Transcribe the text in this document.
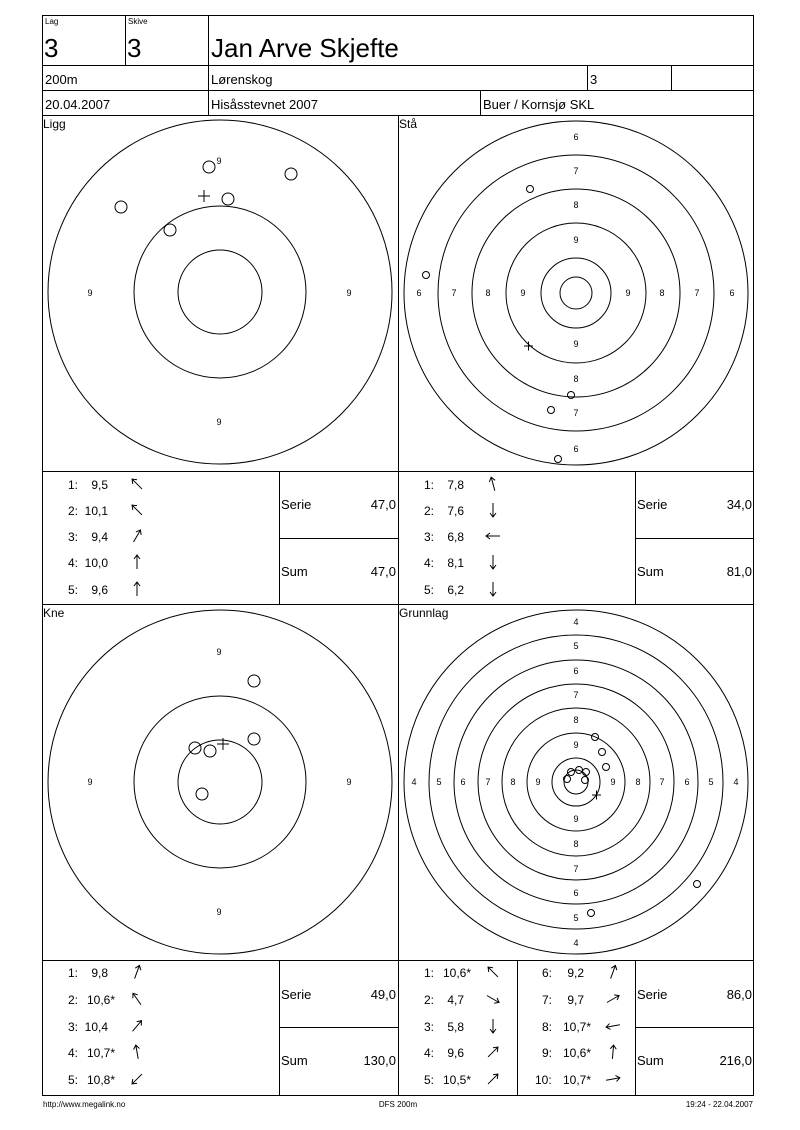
Lag
3
Skive
3	Jan Arve Skjefte
200m	Lørenskog	3
20.04.2007	Hisåsstevnet 2007	Buer / Kornsjø SKL
Ligg	Stå
Kne	Grunnlag
9
9	9
9
6
7
8
9
9
8
7
6
6	7	8	9	9	8	7	6
9
9	9
9
4
5
6
7
8
9
9
8
7
6
5
4
4 5 6 7 8 9	9 8 7 6 5 4
1: 9,5
2: 10,1
3: 9,4
4: 10,0
5: 9,6
1: 7,8
2: 7,6
3: 6,8
4: 8,1
5: 6,2
1: 9,8
2: 10,6*
3: 10,4
4: 10,7*
5: 10,8*
1: 10,6*
2: 4,7
3: 5,8
4: 9,6
5: 10,5*
6: 9,2
7: 9,7
8: 10,7*
9: 10,6*
10: 10,7*
Serie	47,0
Sum	47,0
Serie	34,0
Sum	81,0
Serie	49,0
Sum	130,0
Serie	86,0
Sum	216,0
http://www.megalink.no	DFS 200m	19:24 - 22.04.2007
